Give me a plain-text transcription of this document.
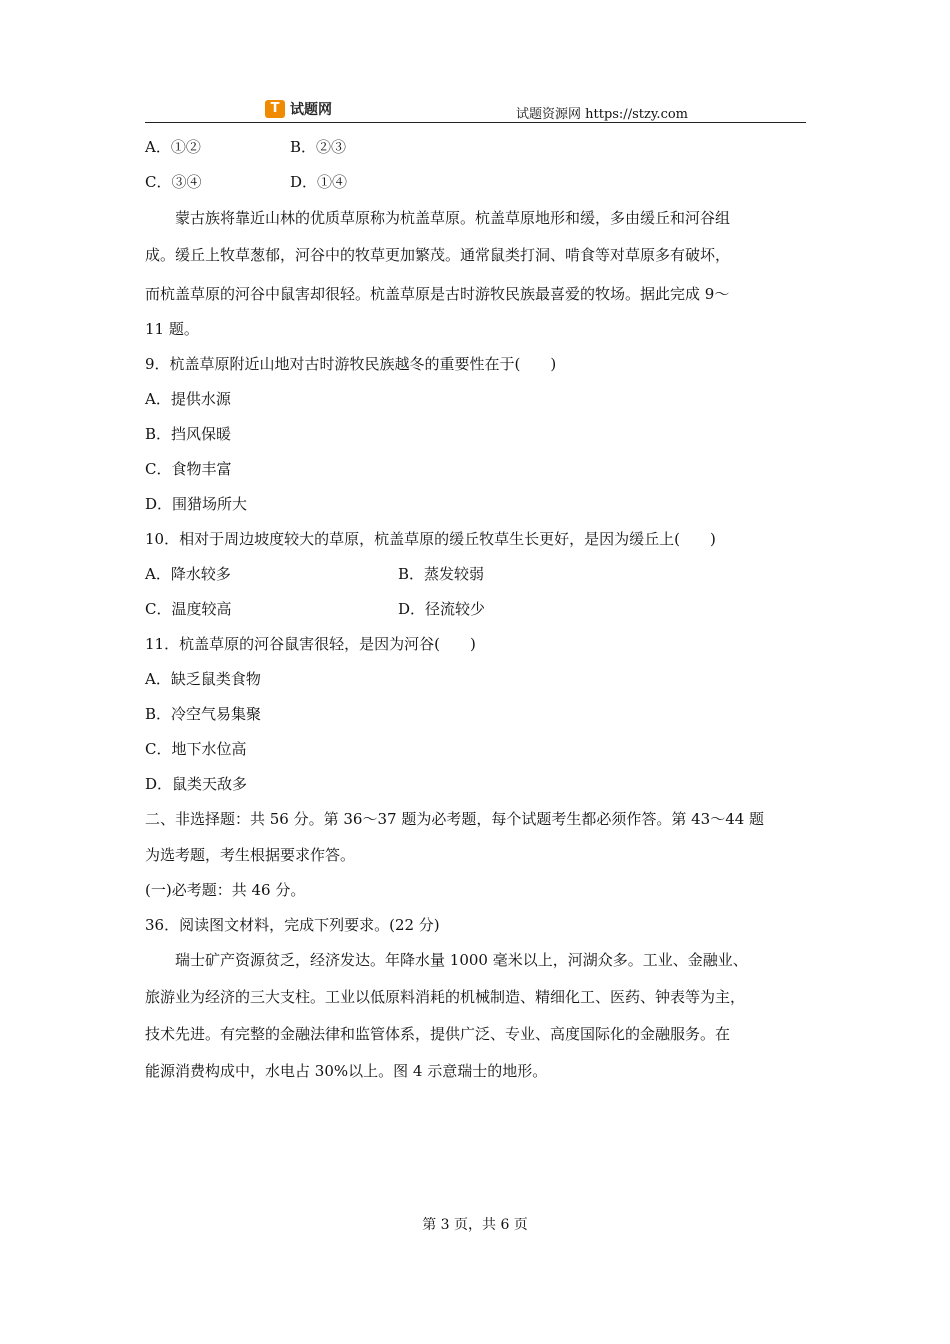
T 试题网	试题资源网 https://stzy.com
A．①②	B．②③
C．③④	D．①④
蒙古族将靠近山林的优质草原称为杭盖草原。杭盖草原地形和缓，多由缓丘和河谷组
成。缓丘上牧草葱郁，河谷中的牧草更加繁茂。通常鼠类打洞、啃食等对草原多有破坏，
而杭盖草原的河谷中鼠害却很轻。杭盖草原是古时游牧民族最喜爱的牧场。据此完成 9～
11 题。
9．杭盖草原附近山地对古时游牧民族越冬的重要性在于(　　)
A．提供水源
B．挡风保暖
C．食物丰富
D．围猎场所大
10．相对于周边坡度较大的草原，杭盖草原的缓丘牧草生长更好，是因为缓丘上(　　)
A．降水较多	B．蒸发较弱
C．温度较高	D．径流较少
11．杭盖草原的河谷鼠害很轻，是因为河谷(　　)
A．缺乏鼠类食物
B．冷空气易集聚
C．地下水位高
D．鼠类天敌多
二、非选择题：共 56 分。第 36～37 题为必考题，每个试题考生都必须作答。第 43～44 题
为选考题，考生根据要求作答。
(一)必考题：共 46 分。
36．阅读图文材料，完成下列要求。(22 分)
瑞士矿产资源贫乏，经济发达。年降水量 1000 毫米以上，河湖众多。工业、金融业、
旅游业为经济的三大支柱。工业以低原料消耗的机械制造、精细化工、医药、钟表等为主，
技术先进。有完整的金融法律和监管体系，提供广泛、专业、高度国际化的金融服务。在
能源消费构成中，水电占 30%以上。图 4 示意瑞士的地形。
第 3 页，共 6 页
